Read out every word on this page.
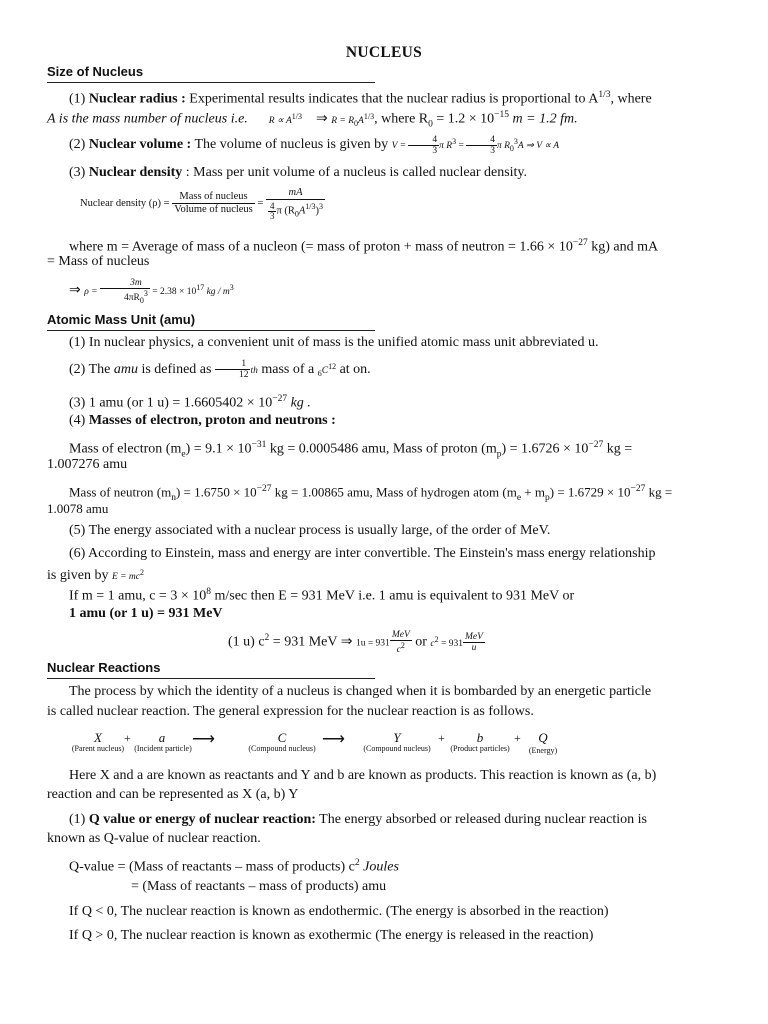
NUCLEUS
Size of Nucleus
(1) Nuclear radius : Experimental results indicates that the nuclear radius is proportional to $A^{1/3}$, where
A is the mass number of nucleus i.e. $R \propto A^{1/3}$ ⇒ $R = R_0A^{1/3}$, where $R_0 = 1.2 \times 10^{-15}$ m = 1.2 fm.
(2) Nuclear volume : The volume of nucleus is given by $V = \frac{4}{3}$ π $R^3 = \frac{4}{3}$ π $R_0^3A$ ⇒ V ∝ A
(3) Nuclear density : Mass per unit volume of a nucleus is called nuclear density.
Nuclear density $(\rho) = \frac{\text{Mass of nucleus}}{\text{Volume of nucleus}} = \frac{mA}{\frac{4}{3} \pi (R_0A^{1/3})^3}$
where m = Average of mass of a nucleon (= mass of proton + mass of neutron = $1.66 \times 10^{-27}$ kg) and mA
= Mass of nucleus
⇒ $\rho = \frac{3m}{4\pi R_0^3} = 2.38 \times 10^{17}$ kg / $m^3$
Atomic Mass Unit (amu)
(1) In nuclear physics, a convenient unit of mass is the unified atomic mass unit abbreviated u.
(2) The amu is defined as $\frac{1}{12}$ th mass of a $_6C^{12}$ at on.
(3) 1 amu (or 1 $u) = 1.6605402 \times 10^{-27}$ kg .
(4) Masses of electron, proton and neutrons :
Mass of electron $(m_e) = 9.1 \times 10^{-31}$ kg = 0.0005486 amu, Mass of proton $(m_p) = 1.6726 \times 10^{-27}$ kg =
1.007276 amu
Mass of neutron $(m_n) = 1.6750 \times 10^{-27}$ kg = 1.00865 amu, Mass of hydrogen atom $(m_e + m_p) = 1.6729 \times 10^{-27}$ kg =
1.0078 amu
(5) The energy associated with a nuclear process is usually large, of the order of MeV.
(6) According to Einstein, mass and energy are inter convertible. The Einstein's mass energy relationship
is given by $E = mc^2$
If m = 1 amu, $c = 3 \times 10^8$ m/sec then E = 931 MeV i.e. 1 amu is equivalent to 931 MeV or
1 amu (or 1 u) = 931 MeV
(1 u) $c^2 = 931$ MeV ⇒ $1u = 931 \frac{\text{MeV}}{c^2}$ or $c^2 = 931 \frac{\text{MeV}}{u}$
Nuclear Reactions
The process by which the identity of a nucleus is changed when it is bombarded by an energetic particle
is called nuclear reaction. The general expression for the nuclear reaction is as follows.
X
(Parent nucleus)
+	a
(Incident particle)
⟶	C
(Compound nucleus)
⟶	Y
(Compound nucleus)
+	b
(Product particles)
+	Q
(Energy)
Here X and a are known as reactants and Y and b are known as products. This reaction is known as (a, b)
reaction and can be represented as X (a, b) Y
(1) Q value or energy of nuclear reaction: The energy absorbed or released during nuclear reaction is
known as Q-value of nuclear reaction.
Q-value = (Mass of reactants – mass of products) $c^2$ Joules
= (Mass of reactants – mass of products) amu
If Q < 0, The nuclear reaction is known as endothermic. (The energy is absorbed in the reaction)
If Q > 0, The nuclear reaction is known as exothermic (The energy is released in the reaction)
